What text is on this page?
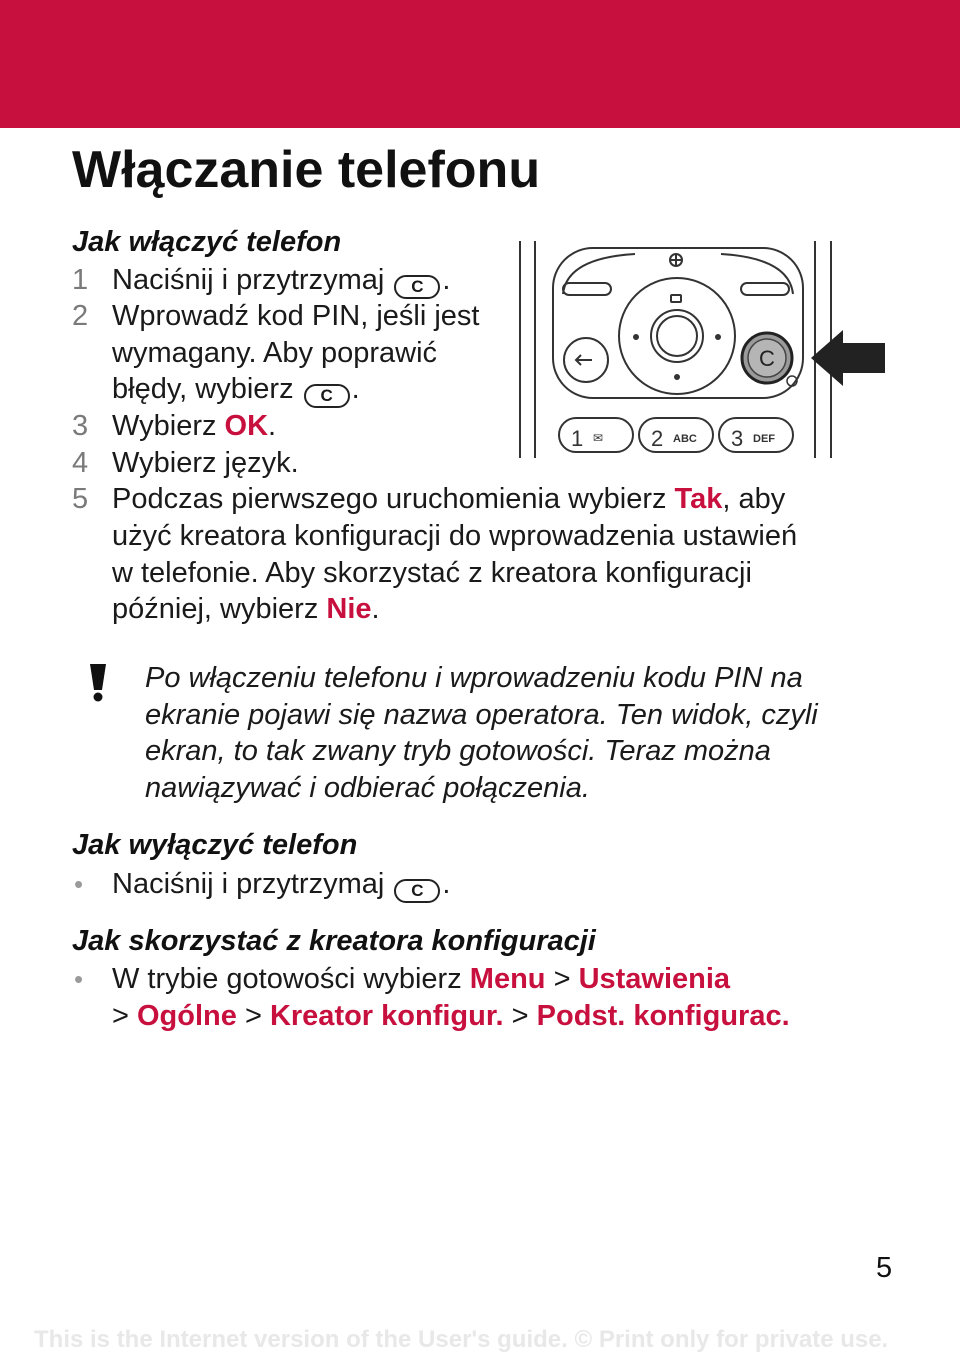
Włączanie telefonu
Jak włączyć telefon
1 Naciśnij i przytrzymaj C .
2 Wprowadź kod PIN, jeśli jest
wymagany. Aby poprawić
błędy, wybierz C .
3 Wybierz OK.
4 Wybierz język.
5 Podczas pierwszego uruchomienia wybierz Tak, aby
użyć kreatora konfiguracji do wprowadzenia ustawień
w telefonie. Aby skorzystać z kreatora konfiguracji
później, wybierz Nie.
C
1 ✉ 2 ABC 3 DEF
Po włączeniu telefonu i wprowadzeniu kodu PIN na
ekranie pojawi się nazwa operatora. Ten widok, czyli
ekran, to tak zwany tryb gotowości. Teraz można
nawiązywać i odbierać połączenia.
Jak wyłączyć telefon
• Naciśnij i przytrzymaj C .
Jak skorzystać z kreatora konfiguracji
• W trybie gotowości wybierz Menu > Ustawienia
> Ogólne > Kreator konfigur. > Podst. konfigurac.
5
This is the Internet version of the User's guide. © Print only for private use.
